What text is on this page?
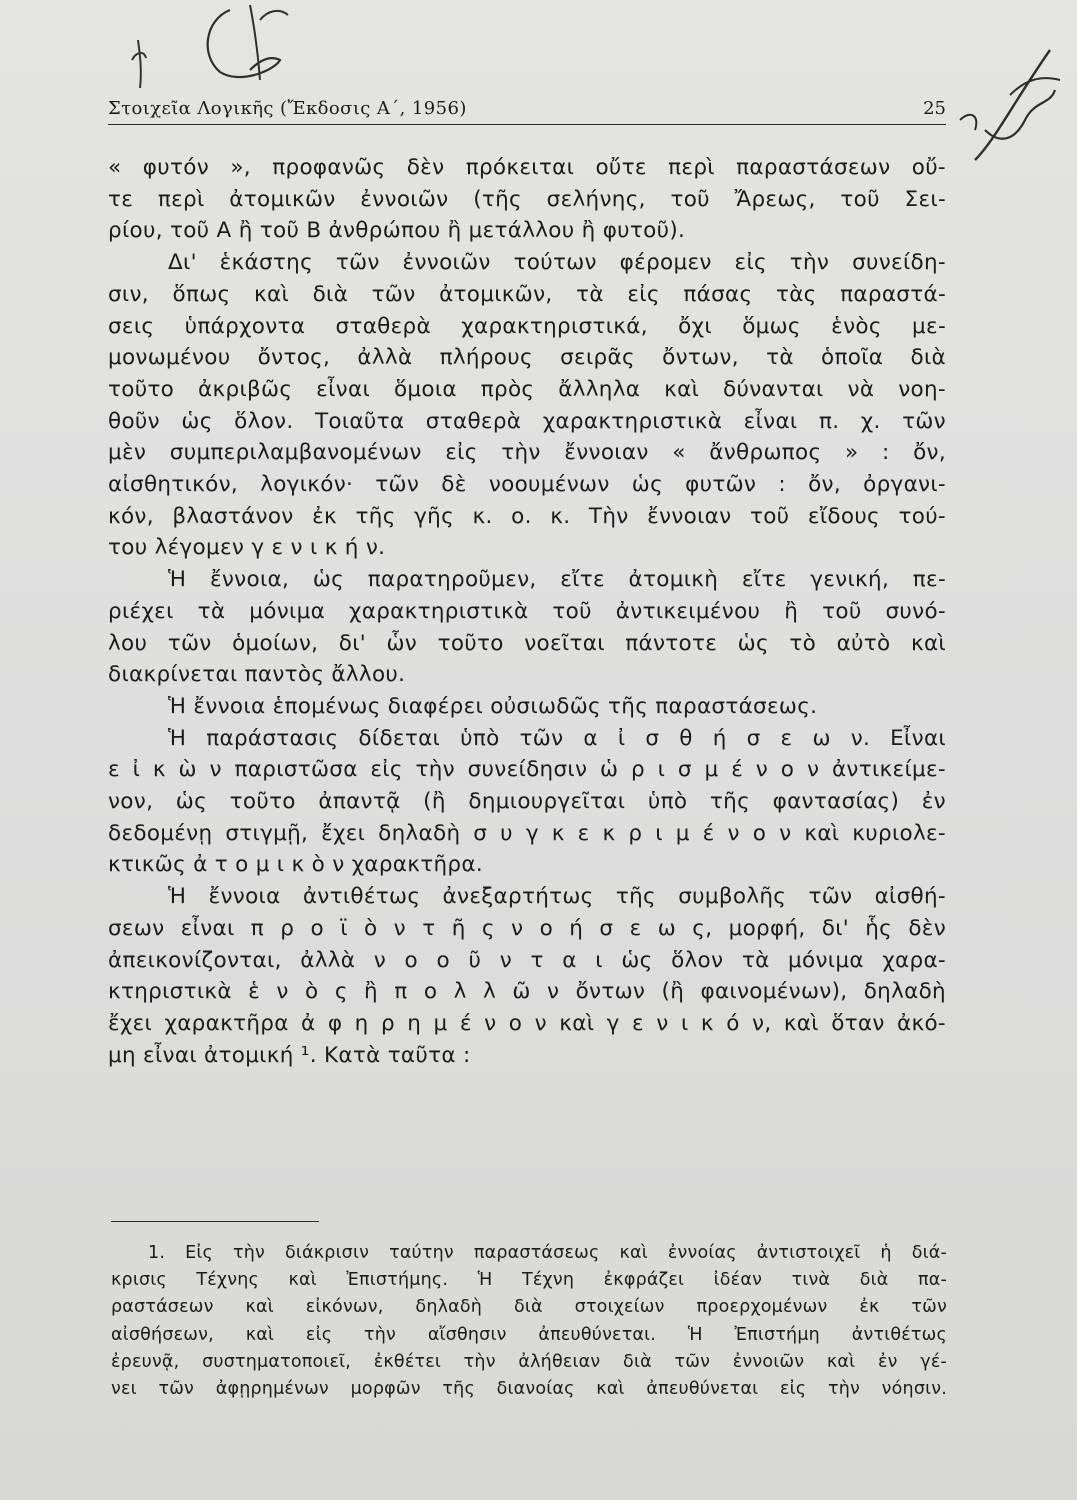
Στοιχεῖα Λογικῆς (Ἔκδοσις Α΄, 1956)	25
« φυτόν », προφανῶς δὲν πρόκειται οὔτε περὶ παραστάσεων οὔ-
τε περὶ ἀτομικῶν ἐννοιῶν (τῆς σελήνης, τοῦ Ἄρεως, τοῦ Σει-
ρίου, τοῦ Α ἢ τοῦ Β ἀνθρώπου ἢ μετάλλου ἢ φυτοῦ).
Δι' ἑκάστης τῶν ἐννοιῶν τούτων φέρομεν εἰς τὴν συνείδη-
σιν, ὅπως καὶ διὰ τῶν ἀτομικῶν, τὰ εἰς πάσας τὰς παραστά-
σεις ὑπάρχοντα σταθερὰ χαρακτηριστικά, ὄχι ὅμως ἑνὸς με-
μονωμένου ὄντος, ἀλλὰ πλήρους σειρᾶς ὄντων, τὰ ὁποῖα διὰ
τοῦτο ἀκριβῶς εἶναι ὅμοια πρὸς ἄλληλα καὶ δύνανται νὰ νοη-
θοῦν ὡς ὅλον. Τοιαῦτα σταθερὰ χαρακτηριστικὰ εἶναι π. χ. τῶν
μὲν συμπεριλαμβανομένων εἰς τὴν ἔννοιαν « ἄνθρωπος » : ὄν,
αἰσθητικόν, λογικόν· τῶν δὲ νοουμένων ὡς φυτῶν : ὄν, ὀργανι-
κόν, βλαστάνον ἐκ τῆς γῆς κ. ο. κ. Τὴν ἔννοιαν τοῦ εἴδους τού-
του λέγομεν γ ε ν ι κ ή ν.
Ἡ ἔννοια, ὡς παρατηροῦμεν, εἴτε ἀτομικὴ εἴτε γενική, πε-
ριέχει τὰ μόνιμα χαρακτηριστικὰ τοῦ ἀντικειμένου ἢ τοῦ συνό-
λου τῶν ὁμοίων, δι' ὧν τοῦτο νοεῖται πάντοτε ὡς τὸ αὐτὸ καὶ
διακρίνεται παντὸς ἄλλου.
Ἡ ἔννοια ἑπομένως διαφέρει οὐσιωδῶς τῆς παραστάσεως.
Ἡ παράστασις δίδεται ὑπὸ τῶν α ἰ σ θ ή σ ε ω ν. Εἶναι
ε ἰ κ ὼ ν παριστῶσα εἰς τὴν συνείδησιν ὡ ρ ι σ μ έ ν ο ν ἀντικείμε-
νον, ὡς τοῦτο ἀπαντᾷ (ἢ δημιουργεῖται ὑπὸ τῆς φαντασίας) ἐν
δεδομένῃ στιγμῇ, ἔχει δηλαδὴ σ υ γ κ ε κ ρ ι μ έ ν ο ν καὶ κυριολε-
κτικῶς ἀ τ ο μ ι κ ὸ ν χαρακτῆρα.
Ἡ ἔννοια ἀντιθέτως ἀνεξαρτήτως τῆς συμβολῆς τῶν αἰσθή-
σεων εἶναι π ρ ο ϊ ὸ ν τ ῆ ς ν ο ή σ ε ω ς, μορφή, δι' ἧς δὲν
ἀπεικονίζονται, ἀλλὰ ν ο ο ῦ ν τ α ι ὡς ὅλον τὰ μόνιμα χαρα-
κτηριστικὰ ἑ ν ὸ ς ἢ π ο λ λ ῶ ν ὄντων (ἢ φαινομένων), δηλαδὴ
ἔχει χαρακτῆρα ἀ φ η ρ η μ έ ν ο ν καὶ γ ε ν ι κ ό ν, καὶ ὅταν ἀκό-
μη εἶναι ἀτομική ¹. Κατὰ ταῦτα :
1. Εἰς τὴν διάκρισιν ταύτην παραστάσεως καὶ ἐννοίας ἀντιστοιχεῖ ἡ διά-
κρισις Τέχνης καὶ Ἐπιστήμης. Ἡ Τέχνη ἐκφράζει ἰδέαν τινὰ διὰ πα-
ραστάσεων καὶ εἰκόνων, δηλαδὴ διὰ στοιχείων προερχομένων ἐκ τῶν
αἰσθήσεων, καὶ εἰς τὴν αἴσθησιν ἀπευθύνεται. Ἡ Ἐπιστήμη ἀντιθέτως
ἐρευνᾷ, συστηματοποιεῖ, ἐκθέτει τὴν ἀλήθειαν διὰ τῶν ἐννοιῶν καὶ ἐν γέ-
νει τῶν ἀφῃρημένων μορφῶν τῆς διανοίας καὶ ἀπευθύνεται εἰς τὴν νόησιν.
